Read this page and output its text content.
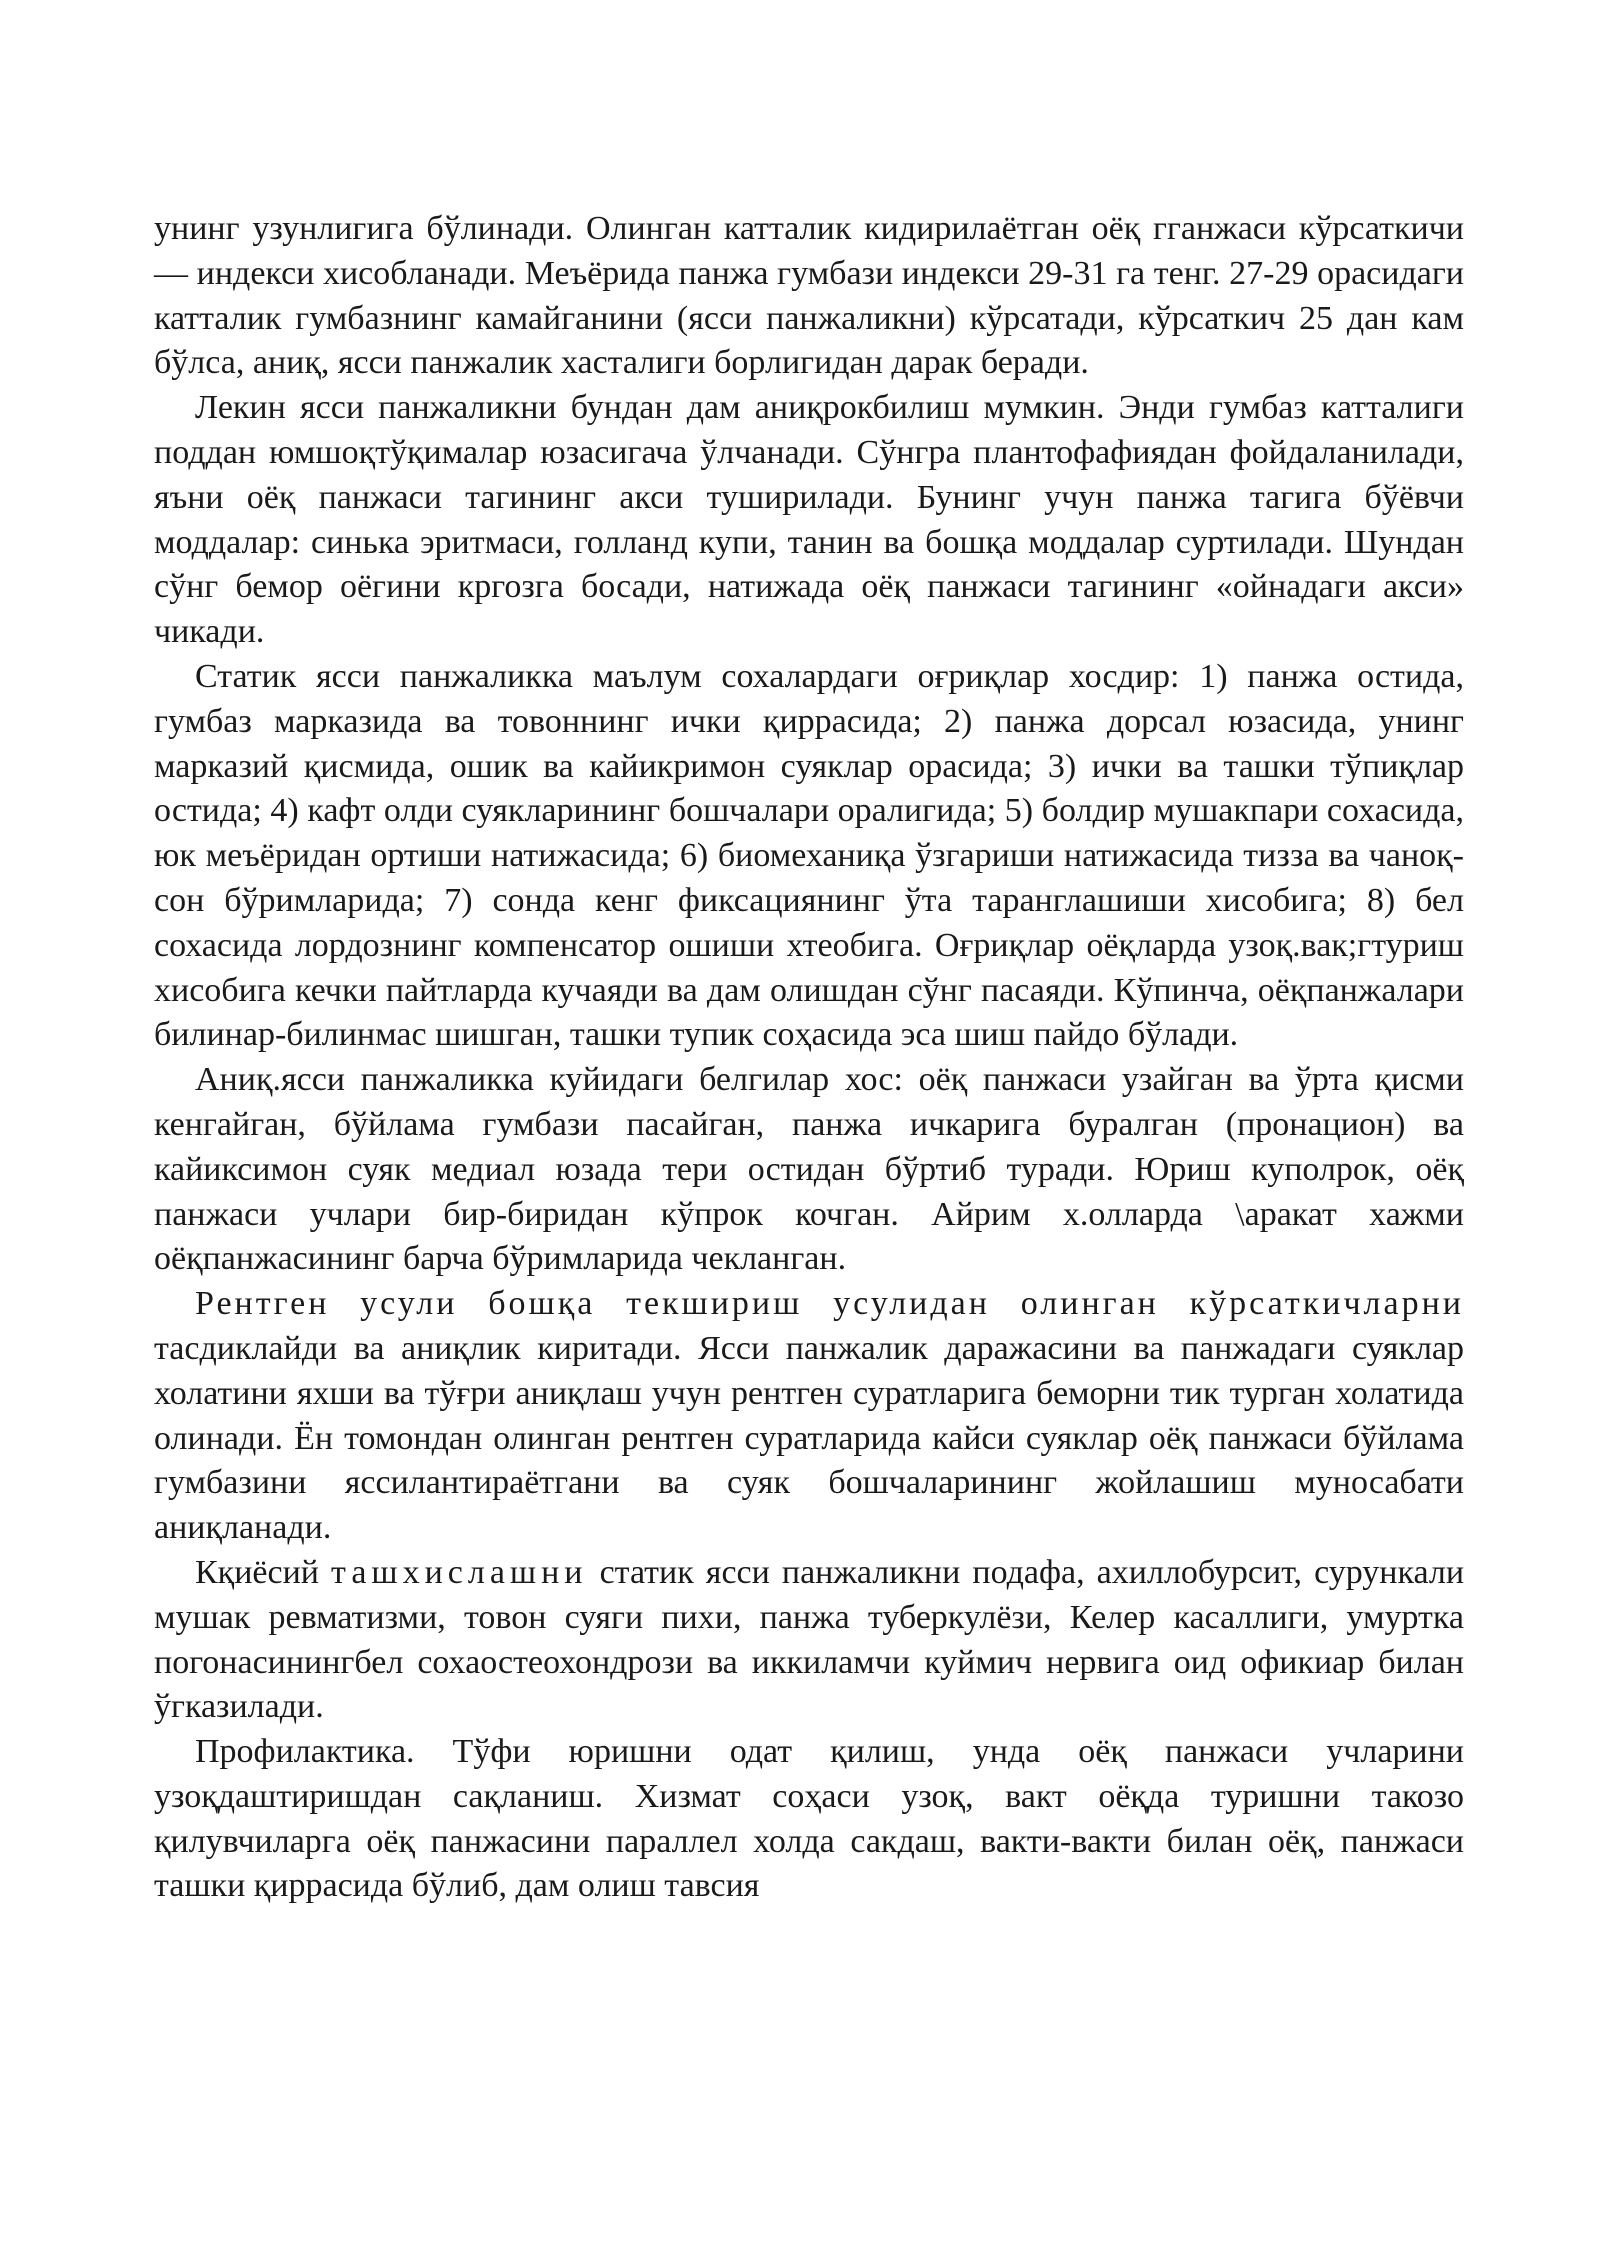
унинг узунлигига бўлинади. Олинган катталик кидирилаётган оёқ гганжаси кўрсаткичи — индекси хисобланади. Меъёрида панжа гумбази индекси 29-31 га тенг. 27-29 орасидаги катталик гумбазнинг камайганини (ясси панжаликни) кўрсатади, кўрсаткич 25 дан кам бўлса, аниқ, ясси панжалик хасталиги борлигидан дарак беради.

Лекин ясси панжаликни бундан дам аниқрокбилиш мумкин. Энди гумбаз катталиги поддан юмшоқтўқималар юзасигача ўлчанади. Сўнгра плантофафиядан фойдаланилади, яъни оёқ панжаси тагининг акси туширилади. Бунинг учун панжа тагига бўёвчи моддалар: синька эритмаси, голланд купи, танин ва бошқа моддалар суртилади. Шундан сўнг бемор оёгини кргозга босади, натижада оёқ панжаси тагининг «ойнадаги акси» чикади.

Статик ясси панжаликка маълум сохалардаги оғриқлар хосдир: 1) панжа остида, гумбаз марказида ва товоннинг ички қиррасида; 2) панжа дорсал юзасида, унинг марказий қисмида, ошик ва кайикримон суяклар орасида; 3) ички ва ташки тўпиқлар остида; 4) кафт олди суякларининг бошчалари оралигида; 5) болдир мушакпари сохасида, юк меъёридан ортиши натижасида; 6) биомеханиқа ўзгариши натижасида тизза ва чаноқ-сон бўримларида; 7) сонда кенг фиксациянинг ўта таранглашиши хисобига; 8) бел сохасида лордознинг компенсатор ошиши хтеобига. Оғриқлар оёқларда узоқ.вак;гтуриш хисобига кечки пайтларда кучаяди ва дам олишдан сўнг пасаяди. Кўпинча, оёқпанжалари билинар-билинмас шишган, ташки тупик соҳасида эса шиш пайдо бўлади.

Аниқ.ясси панжаликка куйидаги белгилар хос: оёқ панжаси узайган ва ўрта қисми кенгайган, бўйлама гумбази пасайган, панжа ичкарига буралган (пронацион) ва кайиксимон суяк медиал юзада тери остидан бўртиб туради. Юриш куполрок, оёқ панжаси учлари бир-биридан кўпрок кочган. Айрим х.олларда \аракат хажми оёқпанжасининг барча бўримларида чекланган.

Рентген усули бошқа текшириш усулидан олинган кўрсаткичларни тасдиклайди ва аниқлик киритади. Ясси панжалик даражасини ва панжадаги суяклар холатини яхши ва тўғри аниқлаш учун рентген суратларига беморни тик турган холатида олинади. Ён томондан олинган рентген суратларида кайси суяклар оёқ панжаси бўйлама гумбазини яссилантираётгани ва суяк бошчаларининг жойлашиш муносабати аниқланади.

Кқиёсий ташхислашни статик ясси панжаликни подафа, ахиллобурсит, сурункали мушак ревматизми, товон суяги пихи, панжа туберкулёзи, Келер касаллиги, умуртка погонасинингбел сохаостеохондрози ва иккиламчи куймич нервига оид офикиар билан ўгказилади.

Профилактика. Тўфи юришни одат қилиш, унда оёқ панжаси учларини узоқдаштиришдан сақланиш. Хизмат соҳаси узоқ, вакт оёқда туришни такозо қилувчиларга оёқ панжасини параллел холда сакдаш, вакти-вакти билан оёқ, панжаси ташки қиррасида бўлиб, дам олиш тавсия
